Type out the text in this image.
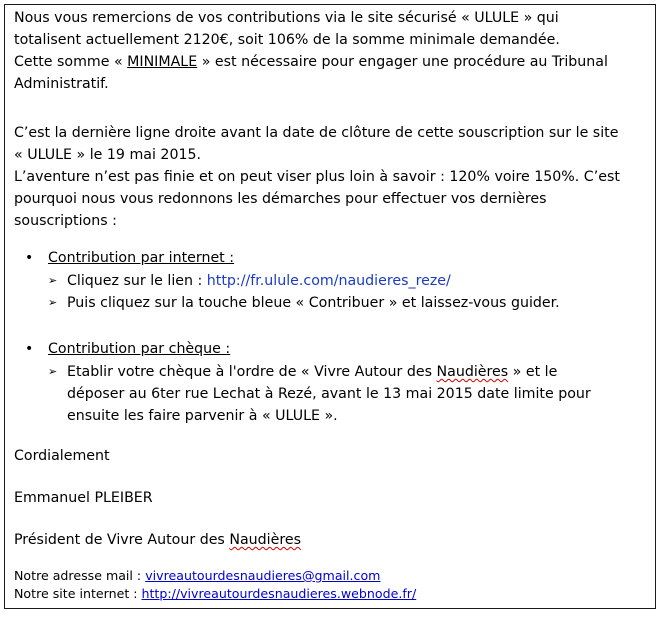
Nous vous remercions de vos contributions via le site sécurisé « ULULE » qui
totalisent actuellement 2120€, soit 106% de la somme minimale demandée.
Cette somme « MINIMALE » est nécessaire pour engager une procédure au Tribunal
Administratif.
C’est la dernière ligne droite avant la date de clôture de cette souscription sur le site
« ULULE » le 19 mai 2015.
L’aventure n’est pas finie et on peut viser plus loin à savoir : 120% voire 150%. C’est
pourquoi nous vous redonnons les démarches pour effectuer vos dernières
souscriptions :
• Contribution par internet :
➢ Cliquez sur le lien : http://fr.ulule.com/naudieres_reze/
➢ Puis cliquez sur la touche bleue « Contribuer » et laissez-vous guider.
• Contribution par chèque :
➢ Etablir votre chèque à l'ordre de « Vivre Autour des Naudières » et le
déposer au 6ter rue Lechat à Rezé, avant le 13 mai 2015 date limite pour
ensuite les faire parvenir à « ULULE ».
Cordialement
Emmanuel PLEIBER
Président de Vivre Autour des Naudières
Notre adresse mail : vivreautourdesnaudieres@gmail.com
Notre site internet : http://vivreautourdesnaudieres.webnode.fr/
